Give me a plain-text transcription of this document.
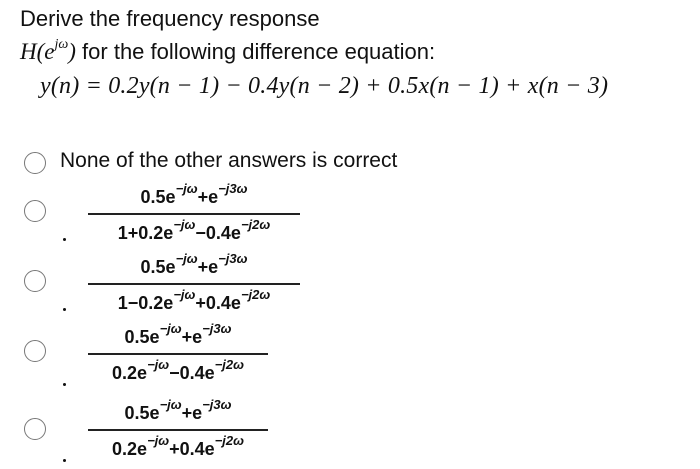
Derive the frequency response
$H(e^{j\omega})$ for the following difference equation:
y(n) = 0.2y(n − 1) − 0.4y(n − 2) + 0.5x(n − 1) + x(n − 3)
None of the other answers is correct
$0.5e^{-j\omega}+e^{-j3\omega}$
$1+0.2e^{-j\omega}-0.4e^{-j2\omega}$
$0.5e^{-j\omega}+e^{-j3\omega}$
$1-0.2e^{-j\omega}+0.4e^{-j2\omega}$
$0.5e^{-j\omega}+e^{-j3\omega}$
$0.2e^{-j\omega}-0.4e^{-j2\omega}$
$0.5e^{-j\omega}+e^{-j3\omega}$
$0.2e^{-j\omega}+0.4e^{-j2\omega}$
